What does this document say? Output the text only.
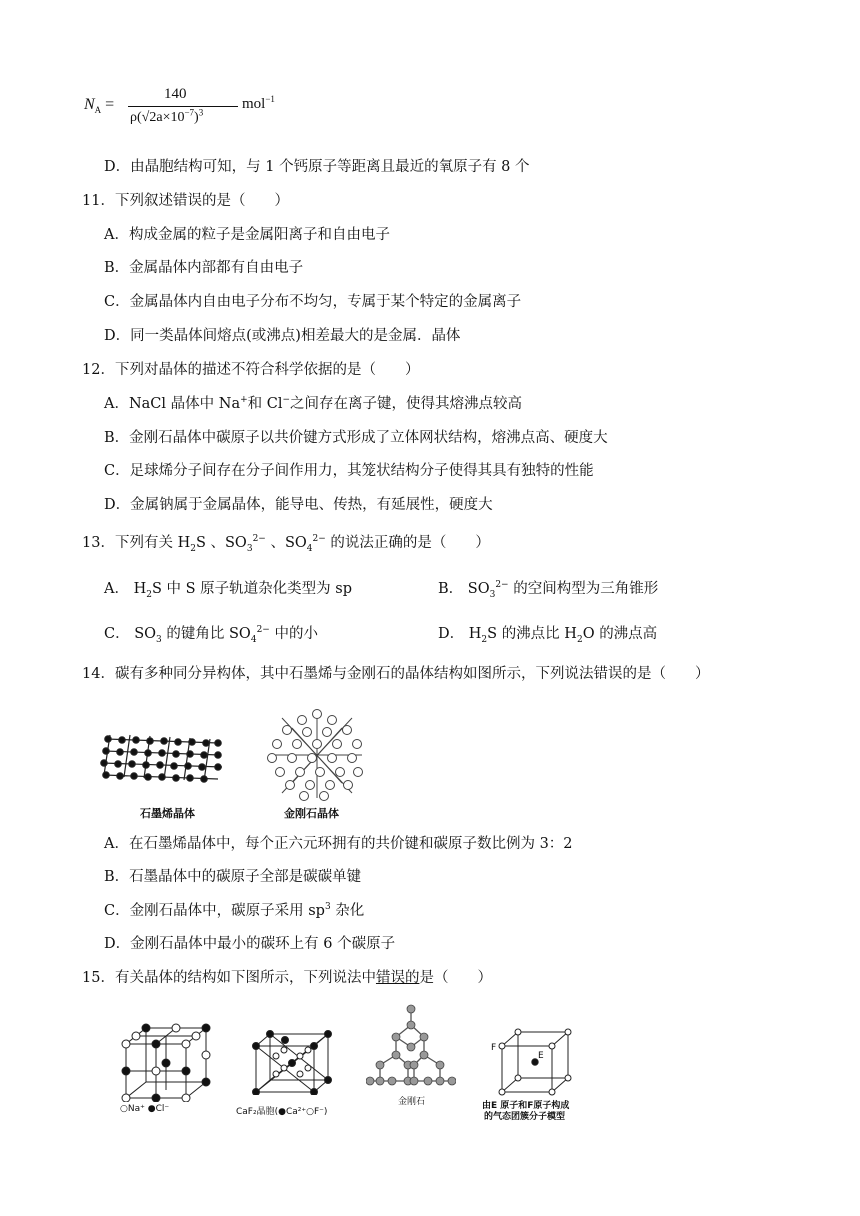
$N_A$ =
140
$\rho(√2a\times 10^{-7})^3$
mol$^{-1}$
D．由晶胞结构可知，与 1 个钙原子等距离且最近的氧原子有 8 个
11．下列叙述错误的是（　　）
A．构成金属的粒子是金属阳离子和自由电子
B．金属晶体内部都有自由电子
C．金属晶体内自由电子分布不均匀，专属于某个特定的金属离子
D．同一类晶体间熔点(或沸点)相差最大的是金属．晶体
12．下列对晶体的描述不符合科学依据的是（　　）
A．NaCl 晶体中 Na+和 Cl−之间存在离子键，使得其熔沸点较高
B．金刚石晶体中碳原子以共价键方式形成了立体网状结构，熔沸点高、硬度大
C．足球烯分子间存在分子间作用力，其笼状结构分子使得其具有独特的性能
D．金属钠属于金属晶体，能导电、传热，有延展性，硬度大
13．下列有关 $H_2S$ 、$SO_3^{2-}$ 、$SO_4^{2-}$ 的说法正确的是（　　）
A． $H_2S$ 中 S 原子轨道杂化类型为 sp	B． $SO_3^{2-}$ 的空间构型为三角锥形
C． $SO_3$ 的键角比 $SO_4^{2-}$ 中的小	D． $H_2S$ 的沸点比 $H_2O$ 的沸点高
14．碳有多种同分异构体，其中石墨烯与金刚石的晶体结构如图所示，下列说法错误的是（　　）
石墨烯晶体	金刚石晶体
A．在石墨烯晶体中，每个正六元环拥有的共价键和碳原子数比例为 3：2
B．石墨晶体中的碳原子全部是碳碳单键
C．金刚石晶体中，碳原子采用 $sp^3$ 杂化
D．金刚石晶体中最小的碳环上有 6 个碳原子
15．有关晶体的结构如下图所示，下列说法中错误的是（　　）
○Na⁺ ●Cl⁻	CaF₂晶胞(●Ca²⁺○F⁻)
金刚石
F
E
由E 原子和F原子构成
的气态团簇分子模型
